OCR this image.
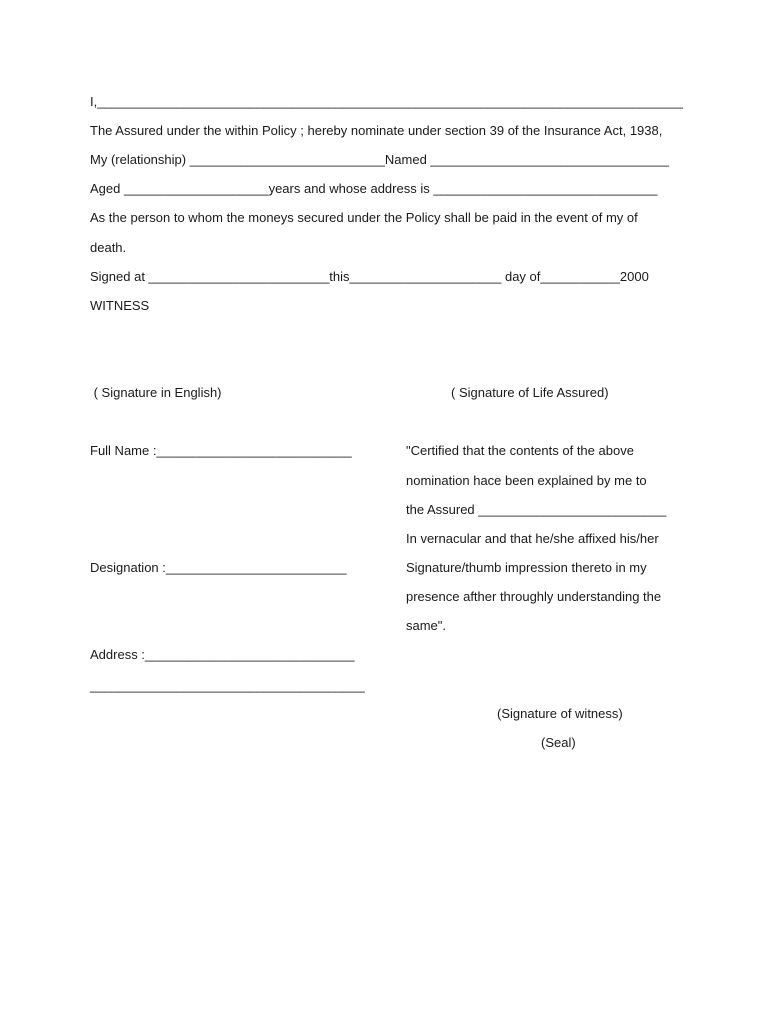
I,_________________________________________________________________________________
The Assured under the within Policy ; hereby nominate under section 39 of the Insurance Act, 1938,
My (relationship) ___________________________Named _________________________________
Aged ____________________years and whose address is _______________________________
As the person to whom the moneys secured under the Policy shall be paid in the event of my of
death.
Signed at _________________________this_____________________ day of___________2000
WITNESS
( Signature in English)	( Signature of Life Assured)
Full Name :___________________________
Designation :_________________________
Address :_____________________________
______________________________________
"Certified that the contents of the above
nomination hace been explained by me to
the Assured __________________________
In vernacular and that he/she affixed his/her
Signature/thumb impression thereto in my
presence afther throughly understanding the
same".
(Signature of witness)
(Seal)
